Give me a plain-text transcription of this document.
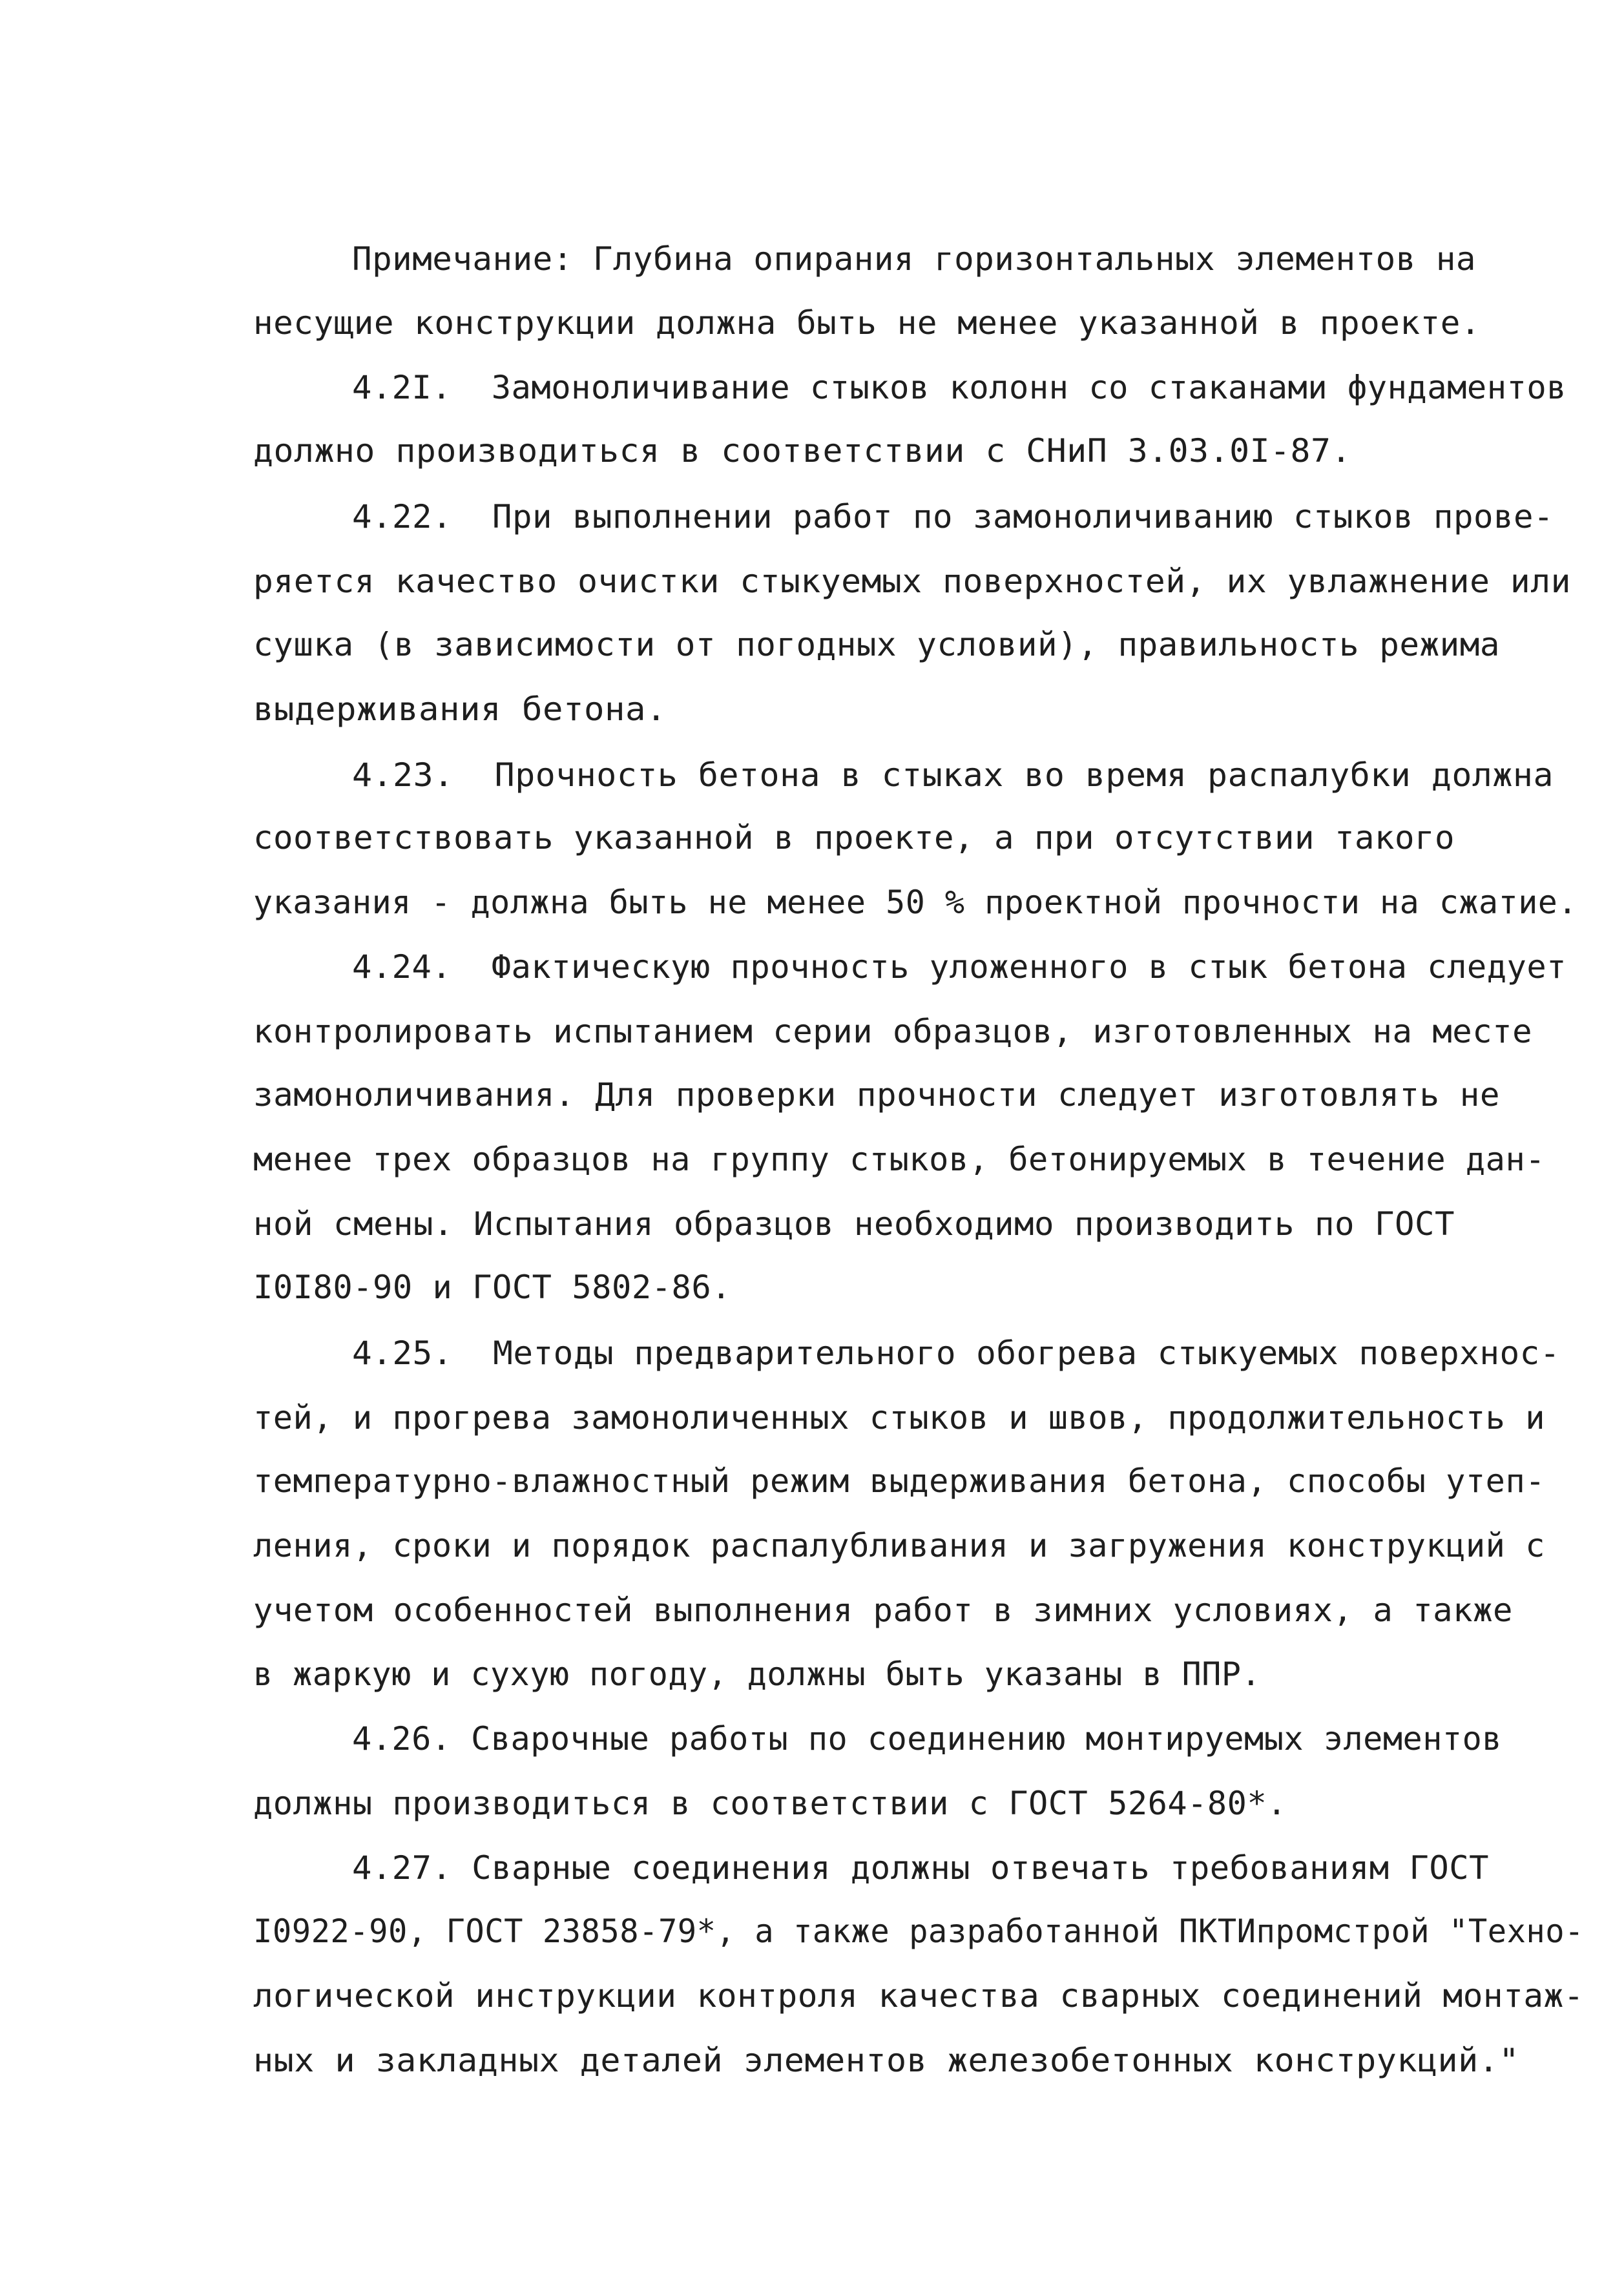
Примечание: Глубина опирания горизонтальных элементов на
несущие конструкции должна быть не менее указанной в проекте.
4.2I.  Замоноличивание стыков колонн со стаканами фундаментов
должно производиться в соответствии с СНиП 3.03.0I-87.
4.22.  При выполнении работ по замоноличиванию стыков прове-
ряется качество очистки стыкуемых поверхностей, их увлажнение или
сушка (в зависимости от погодных условий), правильность режима
выдерживания бетона.
4.23.  Прочность бетона в стыках во время распалубки должна
соответствовать указанной в проекте, а при отсутствии такого
указания - должна быть не менее 50 % проектной прочности на сжатие.
4.24.  Фактическую прочность уложенного в стык бетона следует
контролировать испытанием серии образцов, изготовленных на месте
замоноличивания. Для проверки прочности следует изготовлять не
менее трех образцов на группу стыков, бетонируемых в течение дан-
ной смены. Испытания образцов необходимо производить по ГОСТ
I0I80-90 и ГОСТ 5802-86.
4.25.  Методы предварительного обогрева стыкуемых поверхнос-
тей, и прогрева замоноличенных стыков и швов, продолжительность и
температурно-влажностный режим выдерживания бетона, способы утеп-
ления, сроки и порядок распалубливания и загружения конструкций с
учетом особенностей выполнения работ в зимних условиях, а также
в жаркую и сухую погоду, должны быть указаны в ППР.
4.26. Сварочные работы по соединению монтируемых элементов
должны производиться в соответствии с ГОСТ 5264-80*.
4.27. Сварные соединения должны отвечать требованиям ГОСТ
I0922-90, ГОСТ 23858-79*, а также разработанной ПКТИпромстрой "Техно-
логической инструкции контроля качества сварных соединений монтаж-
ных и закладных деталей элементов железобетонных конструкций."
